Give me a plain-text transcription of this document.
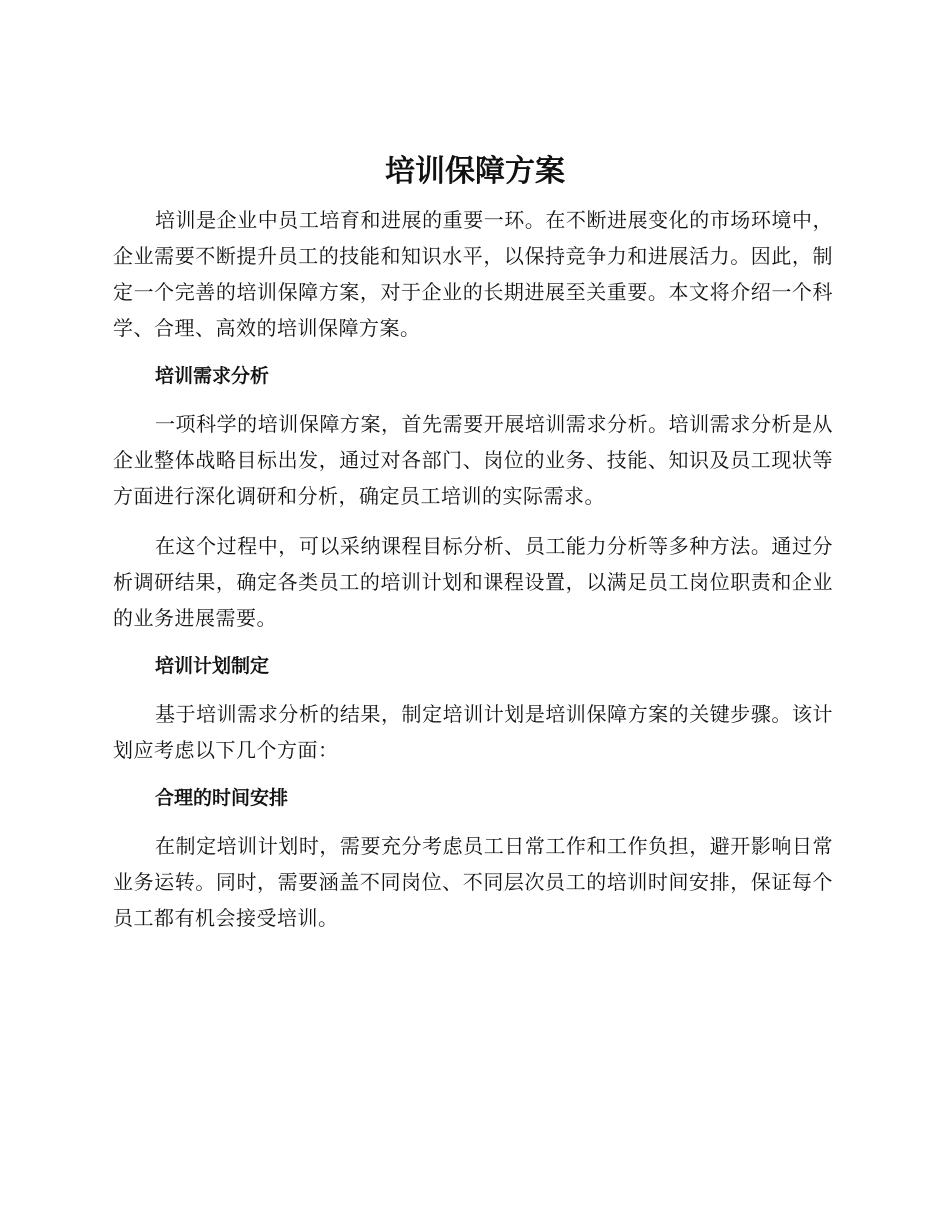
培训保障方案

培训是企业中员工培育和进展的重要一环。在不断进展变化的市场环境中，企业需要不断提升员工的技能和知识水平，以保持竞争力和进展活力。因此，制定一个完善的培训保障方案，对于企业的长期进展至关重要。本文将介绍一个科学、合理、高效的培训保障方案。

培训需求分析

一项科学的培训保障方案，首先需要开展培训需求分析。培训需求分析是从企业整体战略目标出发，通过对各部门、岗位的业务、技能、知识及员工现状等方面进行深化调研和分析，确定员工培训的实际需求。

在这个过程中，可以采纳课程目标分析、员工能力分析等多种方法。通过分析调研结果，确定各类员工的培训计划和课程设置，以满足员工岗位职责和企业的业务进展需要。

培训计划制定

基于培训需求分析的结果，制定培训计划是培训保障方案的关键步骤。该计划应考虑以下几个方面：

合理的时间安排

在制定培训计划时，需要充分考虑员工日常工作和工作负担，避开影响日常业务运转。同时，需要涵盖不同岗位、不同层次员工的培训时间安排，保证每个员工都有机会接受培训。
